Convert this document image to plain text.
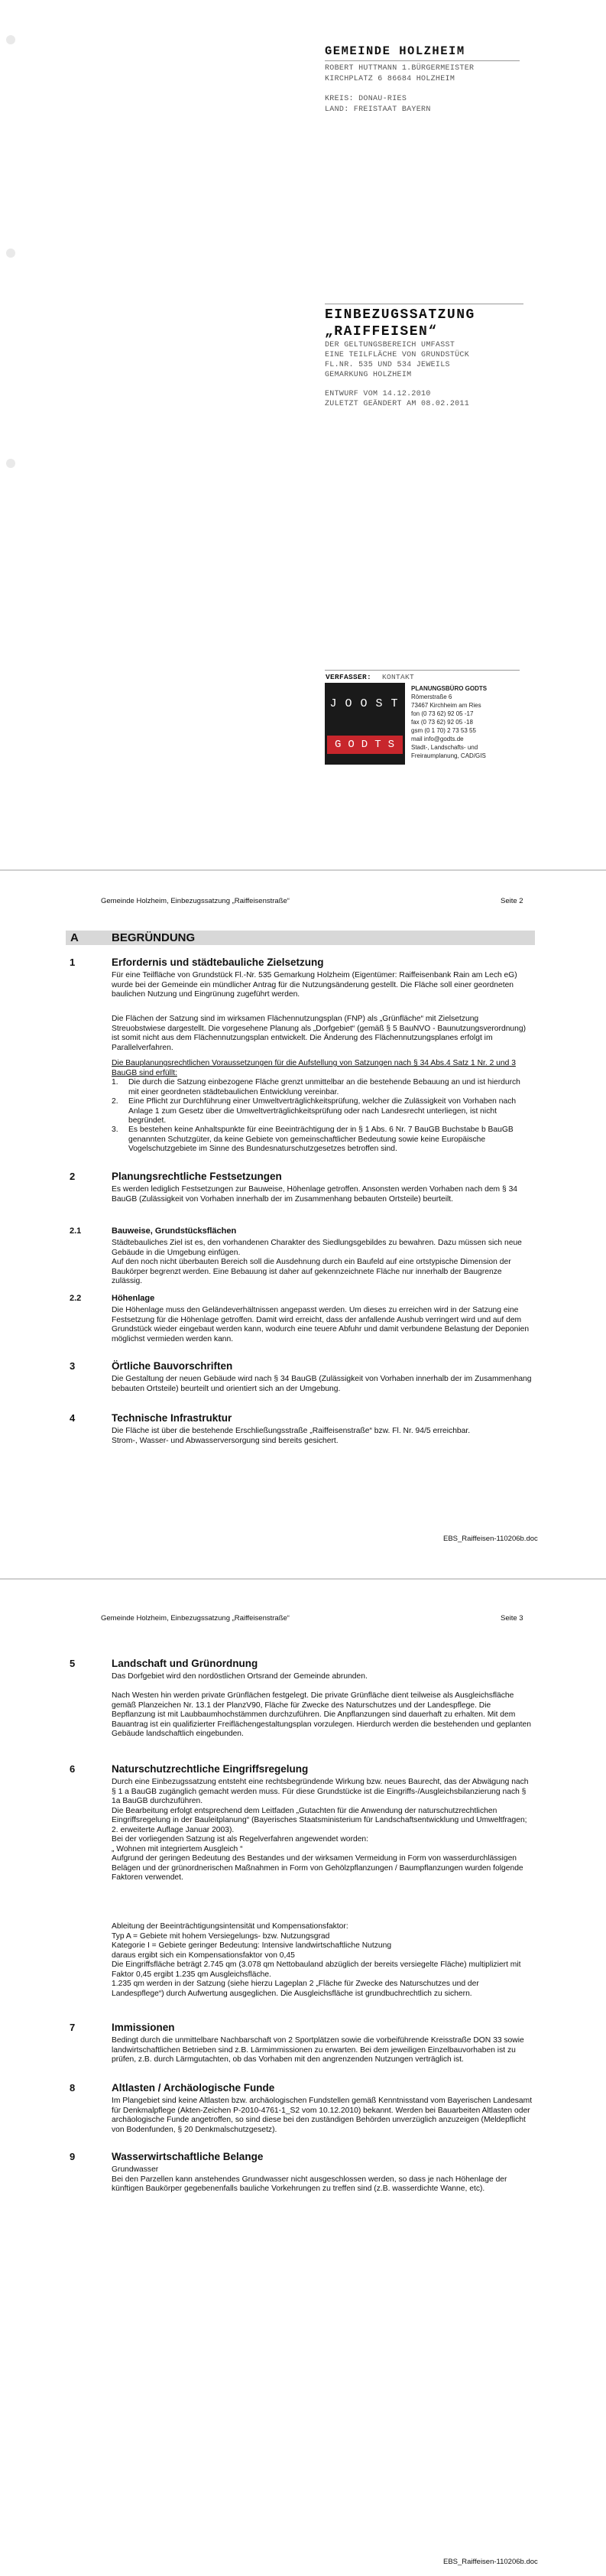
GEMEINDE HOLZHEIM
ROBERT HUTTMANN 1.BÜRGERMEISTER
KIRCHPLATZ 6 86684 HOLZHEIM
KREIS: DONAU-RIES
LAND: FREISTAAT BAYERN
EINBEZUGSSATZUNG
„RAIFFEISEN“
DER GELTUNGSBEREICH UMFASST
EINE TEILFLÄCHE VON GRUNDSTÜCK
FL.NR. 535 UND 534 JEWEILS
GEMARKUNG HOLZHEIM
ENTWURF VOM 14.12.2010
ZULETZT GEÄNDERT AM 08.02.2011
VERFASSER: KONTAKT
JOOST
GODTS
PLANUNGSBÜRO GODTS
Römerstraße 6
73467 Kirchheim am Ries
fon (0 73 62) 92 05 -17
fax (0 73 62) 92 05 -18
gsm (0 1 70) 2 73 53 55
mail info@godts.de
Stadt-, Landschafts- und
Freiraumplanung, CAD/GIS
Gemeinde Holzheim, Einbezugssatzung „Raiffeisenstraße“	Seite 2
A	BEGRÜNDUNG
1	Erfordernis und städtebauliche Zielsetzung
Für eine Teilfläche von Grundstück Fl.-Nr. 535 Gemarkung Holzheim (Eigentümer: Raiffeisenbank Rain am Lech eG) wurde bei der Gemeinde ein mündlicher Antrag für die Nutzungsänderung gestellt. Die Fläche soll einer geordneten baulichen Nutzung und Eingrünung zugeführt werden.
Die Flächen der Satzung sind im wirksamen Flächennutzungsplan (FNP) als „Grünfläche“ mit Zielsetzung Streuobstwiese dargestellt. Die vorgesehene Planung als „Dorfgebiet“ (gemäß § 5 BauNVO - Baunutzungsverordnung) ist somit nicht aus dem Flächennutzungsplan entwickelt. Die Änderung des Flächennutzungsplanes erfolgt im Parallelverfahren.
Die Bauplanungsrechtlichen Voraussetzungen für die Aufstellung von Satzungen nach § 34 Abs.4 Satz 1 Nr. 2 und 3 BauGB sind erfüllt:
1. Die durch die Satzung einbezogene Fläche grenzt unmittelbar an die bestehende Bebauung an und ist hierdurch mit einer geordneten städtebaulichen Entwicklung vereinbar.
2. Eine Pflicht zur Durchführung einer Umweltverträglichkeitsprüfung, welcher die Zulässigkeit von Vorhaben nach Anlage 1 zum Gesetz über die Umweltverträglichkeitsprüfung oder nach Landesrecht unterliegen, ist nicht begründet.
3. Es bestehen keine Anhaltspunkte für eine Beeinträchtigung der in § 1 Abs. 6 Nr. 7 BauGB Buchstabe b BauGB genannten Schutzgüter, da keine Gebiete von gemeinschaftlicher Bedeutung sowie keine Europäische Vogelschutzgebiete im Sinne des Bundesnaturschutzgesetzes betroffen sind.
2	Planungsrechtliche Festsetzungen
Es werden lediglich Festsetzungen zur Bauweise, Höhenlage getroffen. Ansonsten werden Vorhaben nach dem § 34 BauGB (Zulässigkeit von Vorhaben innerhalb der im Zusammenhang bebauten Ortsteile) beurteilt.
2.1	Bauweise, Grundstücksflächen
Städtebauliches Ziel ist es, den vorhandenen Charakter des Siedlungsgebildes zu bewahren. Dazu müssen sich neue Gebäude in die Umgebung einfügen.
Auf den noch nicht überbauten Bereich soll die Ausdehnung durch ein Baufeld auf eine ortstypische Dimension der Baukörper begrenzt werden. Eine Bebauung ist daher auf gekennzeichnete Fläche nur innerhalb der Baugrenze zulässig.
2.2	Höhenlage
Die Höhenlage muss den Geländeverhältnissen angepasst werden. Um dieses zu erreichen wird in der Satzung eine Festsetzung für die Höhenlage getroffen. Damit wird erreicht, dass der anfallende Aushub verringert wird und auf dem Grundstück wieder eingebaut werden kann, wodurch eine teuere Abfuhr und damit verbundene Belastung der Deponien möglichst vermieden werden kann.
3	Örtliche Bauvorschriften
Die Gestaltung der neuen Gebäude wird nach § 34 BauGB (Zulässigkeit von Vorhaben innerhalb der im Zusammenhang bebauten Ortsteile) beurteilt und orientiert sich an der Umgebung.
4	Technische Infrastruktur
Die Fläche ist über die bestehende Erschließungsstraße „Raiffeisenstraße“ bzw. Fl. Nr. 94/5 erreichbar.
Strom-, Wasser- und Abwasserversorgung sind bereits gesichert.
EBS_Raiffeisen-110206b.doc
Gemeinde Holzheim, Einbezugssatzung „Raiffeisenstraße“	Seite 3
5	Landschaft und Grünordnung
Das Dorfgebiet wird den nordöstlichen Ortsrand der Gemeinde abrunden.
Nach Westen hin werden private Grünflächen festgelegt. Die private Grünfläche dient teilweise als Ausgleichsfläche gemäß Planzeichen Nr. 13.1 der PlanzV90, Fläche für Zwecke des Naturschutzes und der Landespflege. Die Bepflanzung ist mit Laubbaumhochstämmen durchzuführen. Die Anpflanzungen sind dauerhaft zu erhalten. Mit dem Bauantrag ist ein qualifizierter Freiflächengestaltungsplan vorzulegen. Hierdurch werden die bestehenden und geplanten Gebäude landschaftlich eingebunden.
6	Naturschutzrechtliche Eingriffsregelung
Durch eine Einbezugssatzung entsteht eine rechtsbegründende Wirkung bzw. neues Baurecht, das der Abwägung nach § 1 a BauGB zugänglich gemacht werden muss. Für diese Grundstücke ist die Eingriffs-/Ausgleichsbilanzierung nach § 1a BauGB durchzuführen.
Die Bearbeitung erfolgt entsprechend dem Leitfaden „Gutachten für die Anwendung der naturschutzrechtlichen Eingriffsregelung in der Bauleitplanung“ (Bayerisches Staatsministerium für Landschaftsentwicklung und Umweltfragen; 2. erweiterte Auflage Januar 2003).
Bei der vorliegenden Satzung ist als Regelverfahren angewendet worden:
„ Wohnen mit integriertem Ausgleich “
Aufgrund der geringen Bedeutung des Bestandes und der wirksamen Vermeidung in Form von wasserdurchlässigen Belägen und der grünordnerischen Maßnahmen in Form von Gehölzpflanzungen / Baumpflanzungen wurden folgende Faktoren verwendet.
Ableitung der Beeinträchtigungsintensität und Kompensationsfaktor:
Typ A = Gebiete mit hohem Versiegelungs- bzw. Nutzungsgrad
Kategorie I = Gebiete geringer Bedeutung: Intensive landwirtschaftliche Nutzung
daraus ergibt sich ein Kompensationsfaktor von 0,45
Die Eingriffsfläche beträgt 2.745 qm (3.078 qm Nettobauland abzüglich der bereits versiegelte Fläche) multipliziert mit Faktor 0,45 ergibt 1.235 qm Ausgleichsfläche.
1.235 qm werden in der Satzung (siehe hierzu Lageplan 2 „Fläche für Zwecke des Naturschutzes und der Landespflege“) durch Aufwertung ausgeglichen. Die Ausgleichsfläche ist grundbuchrechtlich zu sichern.
7	Immissionen
Bedingt durch die unmittelbare Nachbarschaft von 2 Sportplätzen sowie die vorbeiführende Kreisstraße DON 33 sowie landwirtschaftlichen Betrieben sind z.B. Lärmimmissionen zu erwarten. Bei dem jeweiligen Einzelbauvorhaben ist zu prüfen, z.B. durch Lärmgutachten, ob das Vorhaben mit den angrenzenden Nutzungen verträglich ist.
8	Altlasten / Archäologische Funde
Im Plangebiet sind keine Altlasten bzw. archäologischen Fundstellen gemäß Kenntnisstand vom Bayerischen Landesamt für Denkmalpflege (Akten-Zeichen P-2010-4761-1_S2 vom 10.12.2010) bekannt. Werden bei Bauarbeiten Altlasten oder archäologische Funde angetroffen, so sind diese bei den zuständigen Behörden unverzüglich anzuzeigen (Meldepflicht von Bodenfunden, § 20 Denkmalschutzgesetz).
9	Wasserwirtschaftliche Belange
Grundwasser
Bei den Parzellen kann anstehendes Grundwasser nicht ausgeschlossen werden, so dass je nach Höhenlage der künftigen Baukörper gegebenenfalls bauliche Vorkehrungen zu treffen sind (z.B. wasserdichte Wanne, etc).
EBS_Raiffeisen-110206b.doc
